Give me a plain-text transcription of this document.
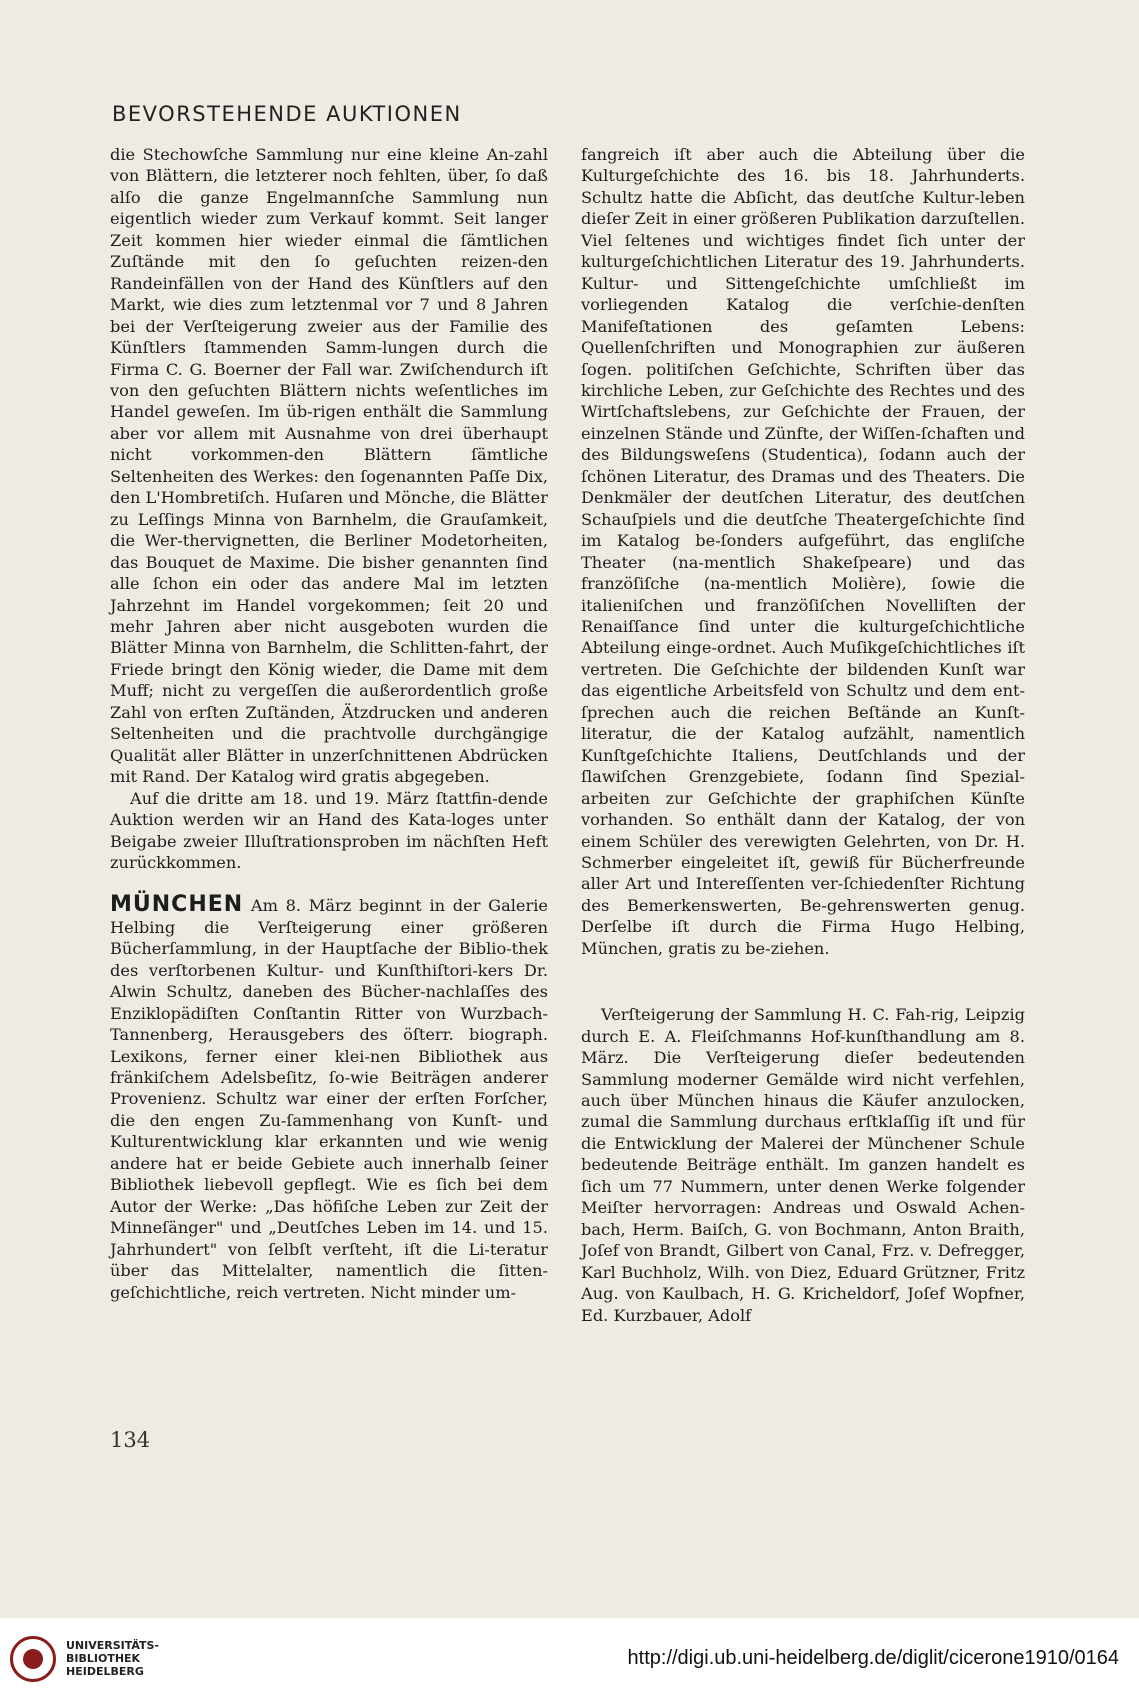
BEVORSTEHENDE AUKTIONEN

die Stechowſche Sammlung nur eine kleine An-zahl von Blättern, die letzterer noch fehlten, über, ſo daß alſo die ganze Engelmannſche Sammlung nun eigentlich wieder zum Verkauf kommt. Seit langer Zeit kommen hier wieder einmal die ſämtlichen Zuſtände mit den ſo geſuchten reizen-den Randeinfällen von der Hand des Künſtlers auf den Markt, wie dies zum letztenmal vor 7 und 8 Jahren bei der Verſteigerung zweier aus der Familie des Künſtlers ſtammenden Samm-lungen durch die Firma C. G. Boerner der Fall war. Zwiſchendurch iſt von den geſuchten Blättern nichts weſentliches im Handel geweſen. Im üb-rigen enthält die Sammlung aber vor allem mit Ausnahme von drei überhaupt nicht vorkommen-den Blättern ſämtliche Seltenheiten des Werkes: den ſogenannten Paſſe Dix, den L'Hombretiſch. Huſaren und Mönche, die Blätter zu Leſſings Minna von Barnhelm, die Grauſamkeit, die Wer-thervignetten, die Berliner Modetorheiten, das Bouquet de Maxime. Die bisher genannten ſind alle ſchon ein oder das andere Mal im letzten Jahrzehnt im Handel vorgekommen; ſeit 20 und mehr Jahren aber nicht ausgeboten wurden die Blätter Minna von Barnhelm, die Schlitten-fahrt, der Friede bringt den König wieder, die Dame mit dem Muff; nicht zu vergeſſen die außerordentlich große Zahl von erſten Zuſtänden, Ätzdrucken und anderen Seltenheiten und die prachtvolle durchgängige Qualität aller Blätter in unzerſchnittenen Abdrücken mit Rand. Der Katalog wird gratis abgegeben.

Auf die dritte am 18. und 19. März ſtattfin-dende Auktion werden wir an Hand des Kata-loges unter Beigabe zweier Illuſtrationsproben im nächſten Heft zurückkommen.

MÜNCHEN Am 8. März beginnt in der Galerie Helbing die Verſteigerung einer größeren Bücherſammlung, in der Hauptſache der Biblio-thek des verſtorbenen Kultur- und Kunſthiſtori-kers Dr. Alwin Schultz, daneben des Bücher-nachlaſſes des Enziklopädiſten Conſtantin Ritter von Wurzbach-Tannenberg, Herausgebers des öſterr. biograph. Lexikons, ferner einer klei-nen Bibliothek aus fränkiſchem Adelsbeſitz, ſo-wie Beiträgen anderer Provenienz. Schultz war einer der erſten Forſcher, die den engen Zu-ſammenhang von Kunſt- und Kulturentwicklung klar erkannten und wie wenig andere hat er beide Gebiete auch innerhalb ſeiner Bibliothek liebevoll gepflegt. Wie es ſich bei dem Autor der Werke: „Das höfiſche Leben zur Zeit der Minneſänger" und „Deutſches Leben im 14. und 15. Jahrhundert" von ſelbſt verſteht, iſt die Li-teratur über das Mittelalter, namentlich die ſitten-geſchichtliche, reich vertreten. Nicht minder um-

fangreich iſt aber auch die Abteilung über die Kulturgeſchichte des 16. bis 18. Jahrhunderts. Schultz hatte die Abſicht, das deutſche Kultur-leben dieſer Zeit in einer größeren Publikation darzuſtellen. Viel ſeltenes und wichtiges findet ſich unter der kulturgeſchichtlichen Literatur des 19. Jahrhunderts. Kultur- und Sittengeſchichte umſchließt im vorliegenden Katalog die verſchie-denſten Manifeſtationen des geſamten Lebens: Quellenſchriften und Monographien zur äußeren ſogen. politiſchen Geſchichte, Schriften über das kirchliche Leben, zur Geſchichte des Rechtes und des Wirtſchaftslebens, zur Geſchichte der Frauen, der einzelnen Stände und Zünfte, der Wiſſen-ſchaften und des Bildungsweſens (Studentica), ſodann auch der ſchönen Literatur, des Dramas und des Theaters. Die Denkmäler der deutſchen Literatur, des deutſchen Schauſpiels und die deutſche Theatergeſchichte ſind im Katalog be-ſonders aufgeführt, das engliſche Theater (na-mentlich Shakeſpeare) und das franzöſiſche (na-mentlich Molière), ſowie die italieniſchen und franzöſiſchen Novelliſten der Renaiſſance ſind unter die kulturgeſchichtliche Abteilung einge-ordnet. Auch Muſikgeſchichtliches iſt vertreten. Die Geſchichte der bildenden Kunſt war das eigentliche Arbeitsfeld von Schultz und dem ent-ſprechen auch die reichen Beſtände an Kunſt-literatur, die der Katalog aufzählt, namentlich Kunſtgeſchichte Italiens, Deutſchlands und der ſlawiſchen Grenzgebiete, ſodann ſind Spezial-arbeiten zur Geſchichte der graphiſchen Künſte vorhanden. So enthält dann der Katalog, der von einem Schüler des verewigten Gelehrten, von Dr. H. Schmerber eingeleitet iſt, gewiß für Bücherfreunde aller Art und Intereſſenten ver-ſchiedenſter Richtung des Bemerkenswerten, Be-gehrenswerten genug. Derſelbe iſt durch die Firma Hugo Helbing, München, gratis zu be-ziehen.

Verſteigerung der Sammlung H. C. Fah-rig, Leipzig durch E. A. Fleiſchmanns Hof-kunſthandlung am 8. März. Die Verſteigerung dieſer bedeutenden Sammlung moderner Gemälde wird nicht verfehlen, auch über München hinaus die Käufer anzulocken, zumal die Sammlung durchaus erſtklaſſig iſt und für die Entwicklung der Malerei der Münchener Schule bedeutende Beiträge enthält. Im ganzen handelt es ſich um 77 Nummern, unter denen Werke folgender Meiſter hervorragen: Andreas und Oswald Achen-bach, Herm. Baiſch, G. von Bochmann, Anton Braith, Joſef von Brandt, Gilbert von Canal, Frz. v. Defregger, Karl Buchholz, Wilh. von Diez, Eduard Grützner, Fritz Aug. von Kaulbach, H. G. Kricheldorf, Joſef Wopfner, Ed. Kurzbauer, Adolf

134
UNIVERSITÄTS-
BIBLIOTHEK
HEIDELBERG
http://digi.ub.uni-heidelberg.de/diglit/cicerone1910/0164
